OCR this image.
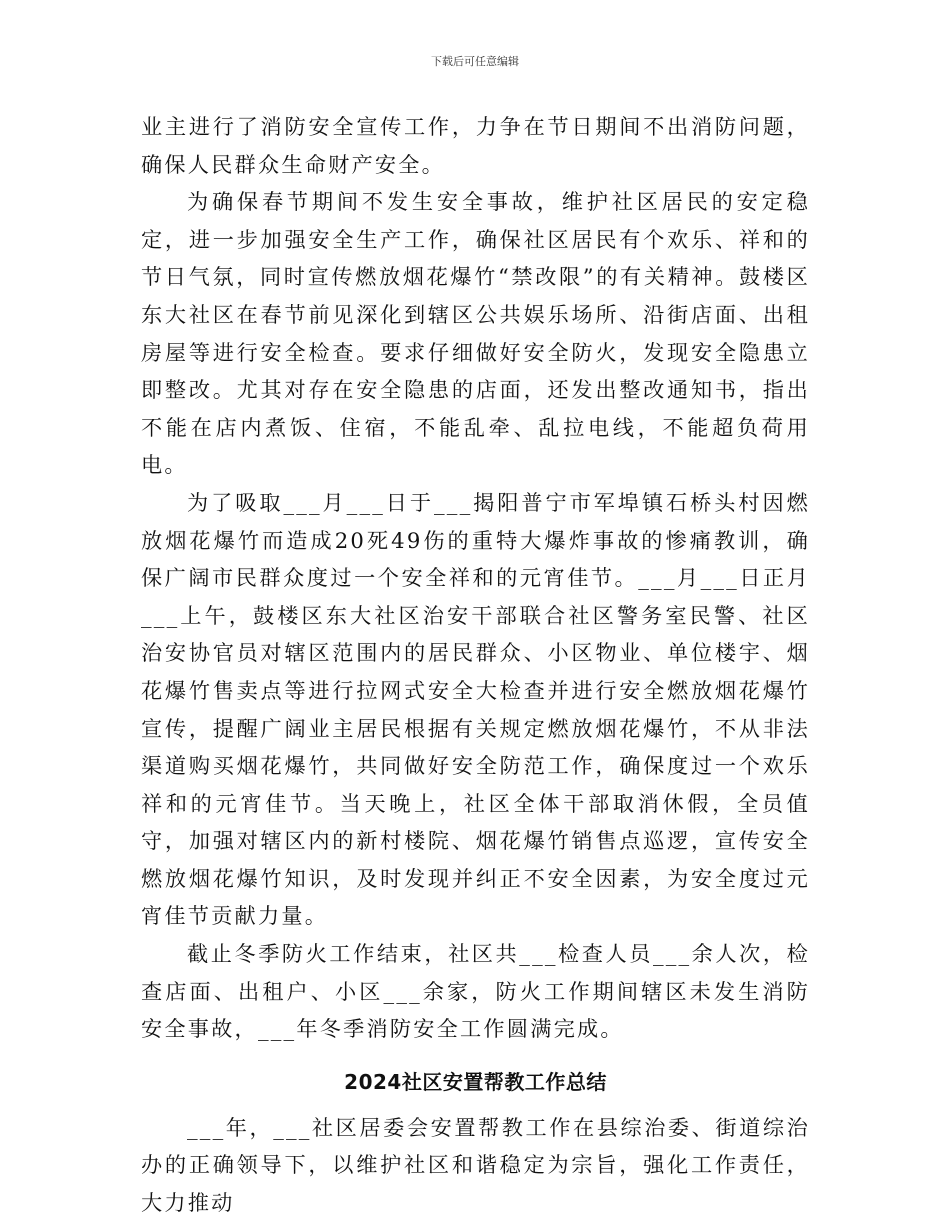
下载后可任意编辑

业主进行了消防安全宣传工作，力争在节日期间不出消防问题，确保人民群众生命财产安全。

为确保春节期间不发生安全事故，维护社区居民的安定稳定，进一步加强安全生产工作，确保社区居民有个欢乐、祥和的节日气氛，同时宣传燃放烟花爆竹“禁改限”的有关精神。鼓楼区东大社区在春节前见深化到辖区公共娱乐场所、沿街店面、出租房屋等进行安全检查。要求仔细做好安全防火，发现安全隐患立即整改。尤其对存在安全隐患的店面，还发出整改通知书，指出不能在店内煮饭、住宿，不能乱牵、乱拉电线，不能超负荷用电。

为了吸取___月___日于___揭阳普宁市军埠镇石桥头村因燃放烟花爆竹而造成20死49伤的重特大爆炸事故的惨痛教训，确保广阔市民群众度过一个安全祥和的元宵佳节。___月___日正月___上午，鼓楼区东大社区治安干部联合社区警务室民警、社区治安协官员对辖区范围内的居民群众、小区物业、单位楼宇、烟花爆竹售卖点等进行拉网式安全大检查并进行安全燃放烟花爆竹宣传，提醒广阔业主居民根据有关规定燃放烟花爆竹，不从非法渠道购买烟花爆竹，共同做好安全防范工作，确保度过一个欢乐祥和的元宵佳节。当天晚上，社区全体干部取消休假，全员值守，加强对辖区内的新村楼院、烟花爆竹销售点巡逻，宣传安全燃放烟花爆竹知识，及时发现并纠正不安全因素，为安全度过元宵佳节贡献力量。

截止冬季防火工作结束，社区共___检查人员___余人次，检查店面、出租户、小区___余家，防火工作期间辖区未发生消防安全事故，___年冬季消防安全工作圆满完成。

2024社区安置帮教工作总结

___年，___社区居委会安置帮教工作在县综治委、街道综治办的正确领导下，以维护社区和谐稳定为宗旨，强化工作责任，大力推动
